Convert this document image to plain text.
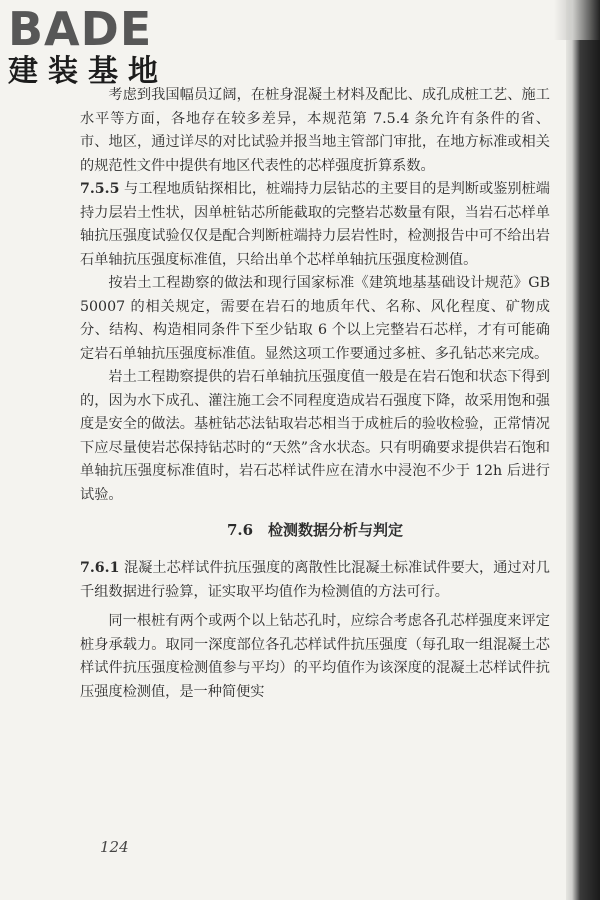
BADE
建装基地

考虑到我国幅员辽阔，在桩身混凝土材料及配比、成孔成桩工艺、施工水平等方面，各地存在较多差异，本规范第 7.5.4 条允许有条件的省、市、地区，通过详尽的对比试验并报当地主管部门审批，在地方标准或相关的规范性文件中提供有地区代表性的芯样强度折算系数。

7.5.5 与工程地质钻探相比，桩端持力层钻芯的主要目的是判断或鉴别桩端持力层岩土性状，因单桩钻芯所能截取的完整岩芯数量有限，当岩石芯样单轴抗压强度试验仅仅是配合判断桩端持力层岩性时，检测报告中可不给出岩石单轴抗压强度标准值，只给出单个芯样单轴抗压强度检测值。

按岩土工程勘察的做法和现行国家标准《建筑地基基础设计规范》GB 50007 的相关规定，需要在岩石的地质年代、名称、风化程度、矿物成分、结构、构造相同条件下至少钻取 6 个以上完整岩石芯样，才有可能确定岩石单轴抗压强度标准值。显然这项工作要通过多桩、多孔钻芯来完成。

岩土工程勘察提供的岩石单轴抗压强度值一般是在岩石饱和状态下得到的，因为水下成孔、灌注施工会不同程度造成岩石强度下降，故采用饱和强度是安全的做法。基桩钻芯法钻取岩芯相当于成桩后的验收检验，正常情况下应尽量使岩芯保持钻芯时的“天然”含水状态。只有明确要求提供岩石饱和单轴抗压强度标准值时，岩石芯样试件应在清水中浸泡不少于 12h 后进行试验。

7.6　检测数据分析与判定

7.6.1 混凝土芯样试件抗压强度的离散性比混凝土标准试件要大，通过对几千组数据进行验算，证实取平均值作为检测值的方法可行。

同一根桩有两个或两个以上钻芯孔时，应综合考虑各孔芯样强度来评定桩身承载力。取同一深度部位各孔芯样试件抗压强度（每孔取一组混凝土芯样试件抗压强度检测值参与平均）的平均值作为该深度的混凝土芯样试件抗压强度检测值，是一种简便实

124
